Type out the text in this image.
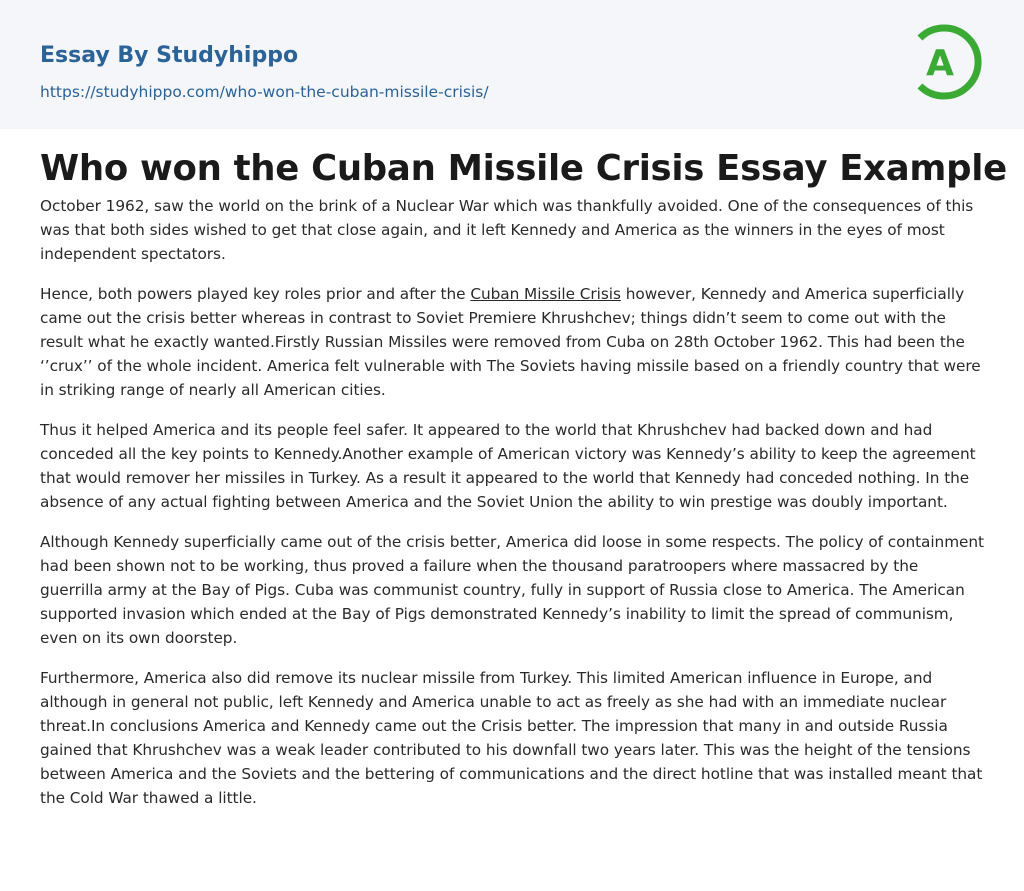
Essay By Studyhippo
https://studyhippo.com/who-won-the-cuban-missile-crisis/
A
Who won the Cuban Missile Crisis Essay Example

October 1962, saw the world on the brink of a Nuclear War which was thankfully avoided. One of the consequences of this was that both sides wished to get that close again, and it left Kennedy and America as the winners in the eyes of most independent spectators.

Hence, both powers played key roles prior and after the Cuban Missile Crisis however, Kennedy and America superficially came out the crisis better whereas in contrast to Soviet Premiere Khrushchev; things didn’t seem to come out with the result what he exactly wanted.Firstly Russian Missiles were removed from Cuba on 28th October 1962. This had been the ‘’crux’’ of the whole incident. America felt vulnerable with The Soviets having missile based on a friendly country that were in striking range of nearly all American cities.

Thus it helped America and its people feel safer. It appeared to the world that Khrushchev had backed down and had conceded all the key points to Kennedy.Another example of American victory was Kennedy’s ability to keep the agreement that would remover her missiles in Turkey. As a result it appeared to the world that Kennedy had conceded nothing. In the absence of any actual fighting between America and the Soviet Union the ability to win prestige was doubly important.

Although Kennedy superficially came out of the crisis better, America did loose in some respects. The policy of containment had been shown not to be working, thus proved a failure when the thousand paratroopers where massacred by the guerrilla army at the Bay of Pigs. Cuba was communist country, fully in support of Russia close to America. The American supported invasion which ended at the Bay of Pigs demonstrated Kennedy’s inability to limit the spread of communism, even on its own doorstep.

Furthermore, America also did remove its nuclear missile from Turkey. This limited American influence in Europe, and although in general not public, left Kennedy and America unable to act as freely as she had with an immediate nuclear threat.In conclusions America and Kennedy came out the Crisis better. The impression that many in and outside Russia gained that Khrushchev was a weak leader contributed to his downfall two years later. This was the height of the tensions between America and the Soviets and the bettering of communications and the direct hotline that was installed meant that the Cold War thawed a little.
